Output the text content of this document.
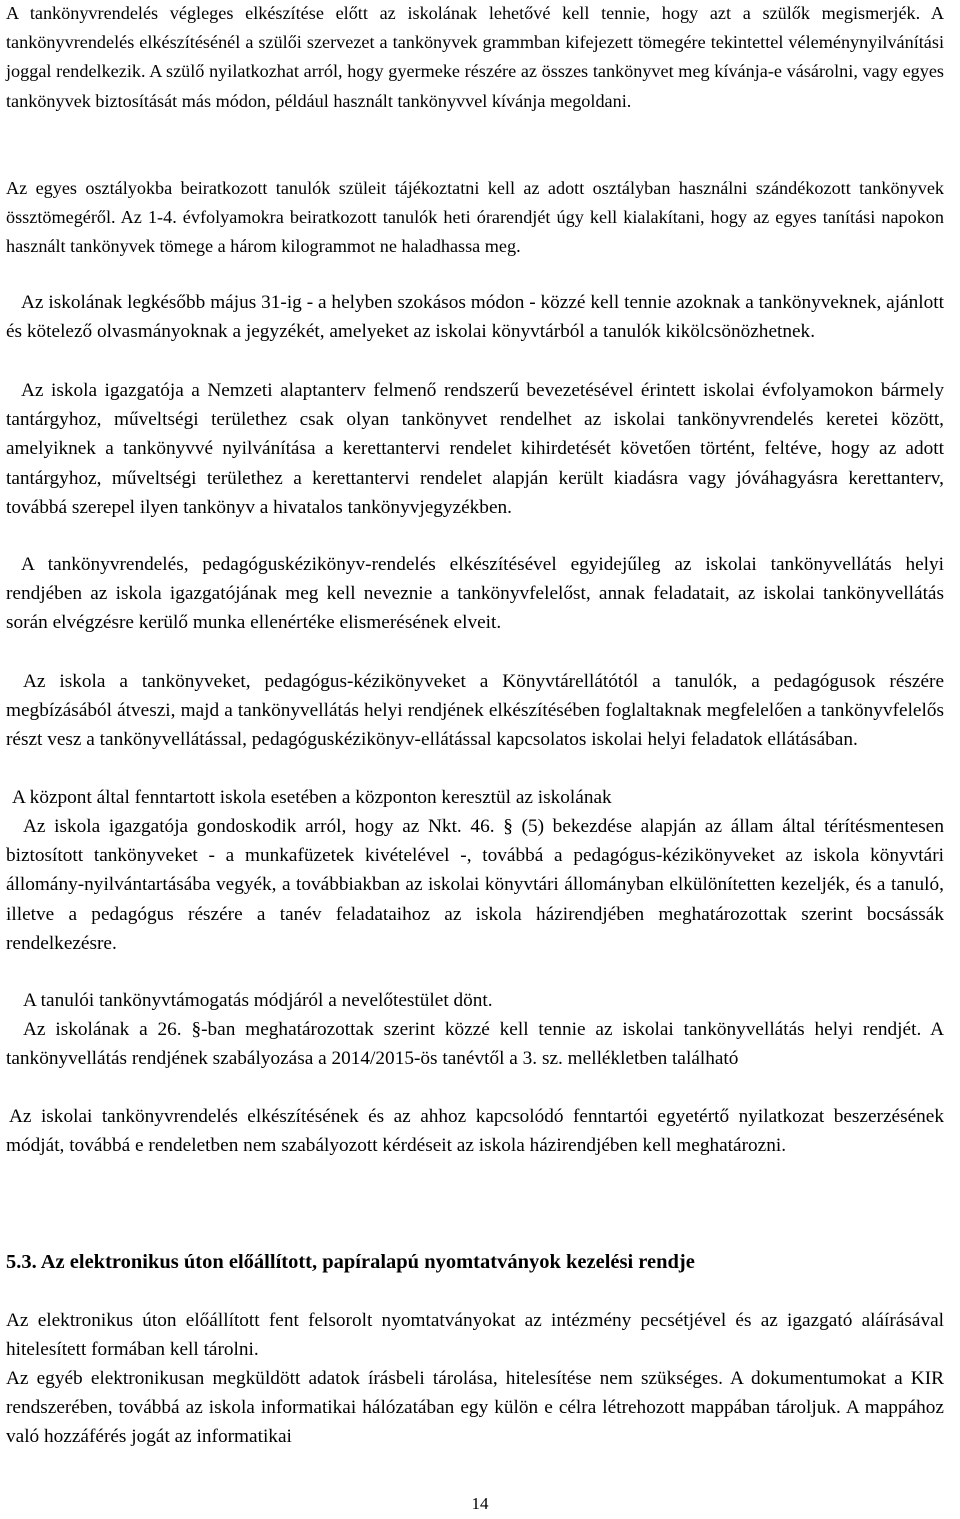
A tankönyvrendelés végleges elkészítése előtt az iskolának lehetővé kell tennie, hogy azt a szülők megismerjék. A tankönyvrendelés elkészítésénél a szülői szervezet a tankönyvek grammban kifejezett tömegére tekintettel véleménynyilvánítási joggal rendelkezik. A szülő nyilatkozhat arról, hogy gyermeke részére az összes tankönyvet meg kívánja-e vásárolni, vagy egyes tankönyvek biztosítását más módon, például használt tankönyvvel kívánja megoldani.

Az egyes osztályokba beiratkozott tanulók szüleit tájékoztatni kell az adott osztályban használni szándékozott tankönyvek össztömegéről. Az 1-4. évfolyamokra beiratkozott tanulók heti órarendjét úgy kell kialakítani, hogy az egyes tanítási napokon használt tankönyvek tömege a három kilogrammot ne haladhassa meg.

Az iskolának legkésőbb május 31-ig - a helyben szokásos módon - közzé kell tennie azoknak a tankönyveknek, ajánlott és kötelező olvasmányoknak a jegyzékét, amelyeket az iskolai könyvtárból a tanulók kikölcsönözhetnek.

Az iskola igazgatója a Nemzeti alaptanterv felmenő rendszerű bevezetésével érintett iskolai évfolyamokon bármely tantárgyhoz, műveltségi területhez csak olyan tankönyvet rendelhet az iskolai tankönyvrendelés keretei között, amelyiknek a tankönyvvé nyilvánítása a kerettantervi rendelet kihirdetését követően történt, feltéve, hogy az adott tantárgyhoz, műveltségi területhez a kerettantervi rendelet alapján került kiadásra vagy jóváhagyásra kerettanterv, továbbá szerepel ilyen tankönyv a hivatalos tankönyvjegyzékben.

A tankönyvrendelés, pedagóguskézikönyv-rendelés elkészítésével egyidejűleg az iskolai tankönyvellátás helyi rendjében az iskola igazgatójának meg kell neveznie a tankönyvfelelőst, annak feladatait, az iskolai tankönyvellátás során elvégzésre kerülő munka ellenértéke elismerésének elveit.

Az iskola a tankönyveket, pedagógus-kézikönyveket a Könyvtárellátótól a tanulók, a pedagógusok részére megbízásából átveszi, majd a tankönyvellátás helyi rendjének elkészítésében foglaltaknak megfelelően a tankönyvfelelős részt vesz a tankönyvellátással, pedagóguskézikönyv-ellátással kapcsolatos iskolai helyi feladatok ellátásában.

A központ által fenntartott iskola esetében a központon keresztül az iskolának

Az iskola igazgatója gondoskodik arról, hogy az Nkt. 46. § (5) bekezdése alapján az állam által térítésmentesen biztosított tankönyveket - a munkafüzetek kivételével -, továbbá a pedagógus-kézikönyveket az iskola könyvtári állomány-nyilvántartásába vegyék, a továbbiakban az iskolai könyvtári állományban elkülönítetten kezeljék, és a tanuló, illetve a pedagógus részére a tanév feladataihoz az iskola házirendjében meghatározottak szerint bocsássák rendelkezésre.

A tanulói tankönyvtámogatás módjáról a nevelőtestület dönt.

Az iskolának a 26. §-ban meghatározottak szerint közzé kell tennie az iskolai tankönyvellátás helyi rendjét. A tankönyvellátás rendjének szabályozása a 2014/2015-ös tanévtől a 3. sz. mellékletben található

Az iskolai tankönyvrendelés elkészítésének és az ahhoz kapcsolódó fenntartói egyetértő nyilatkozat beszerzésének módját, továbbá e rendeletben nem szabályozott kérdéseit az iskola házirendjében kell meghatározni.

5.3. Az elektronikus úton előállított, papíralapú nyomtatványok kezelési rendje

Az elektronikus úton előállított fent felsorolt nyomtatványokat az intézmény pecsétjével és az igazgató aláírásával hitelesített formában kell tárolni.

Az egyéb elektronikusan megküldött adatok írásbeli tárolása, hitelesítése nem szükséges. A dokumentumokat a KIR rendszerében, továbbá az iskola informatikai hálózatában egy külön e célra létrehozott mappában tároljuk. A mappához való hozzáférés jogát az informatikai

14
